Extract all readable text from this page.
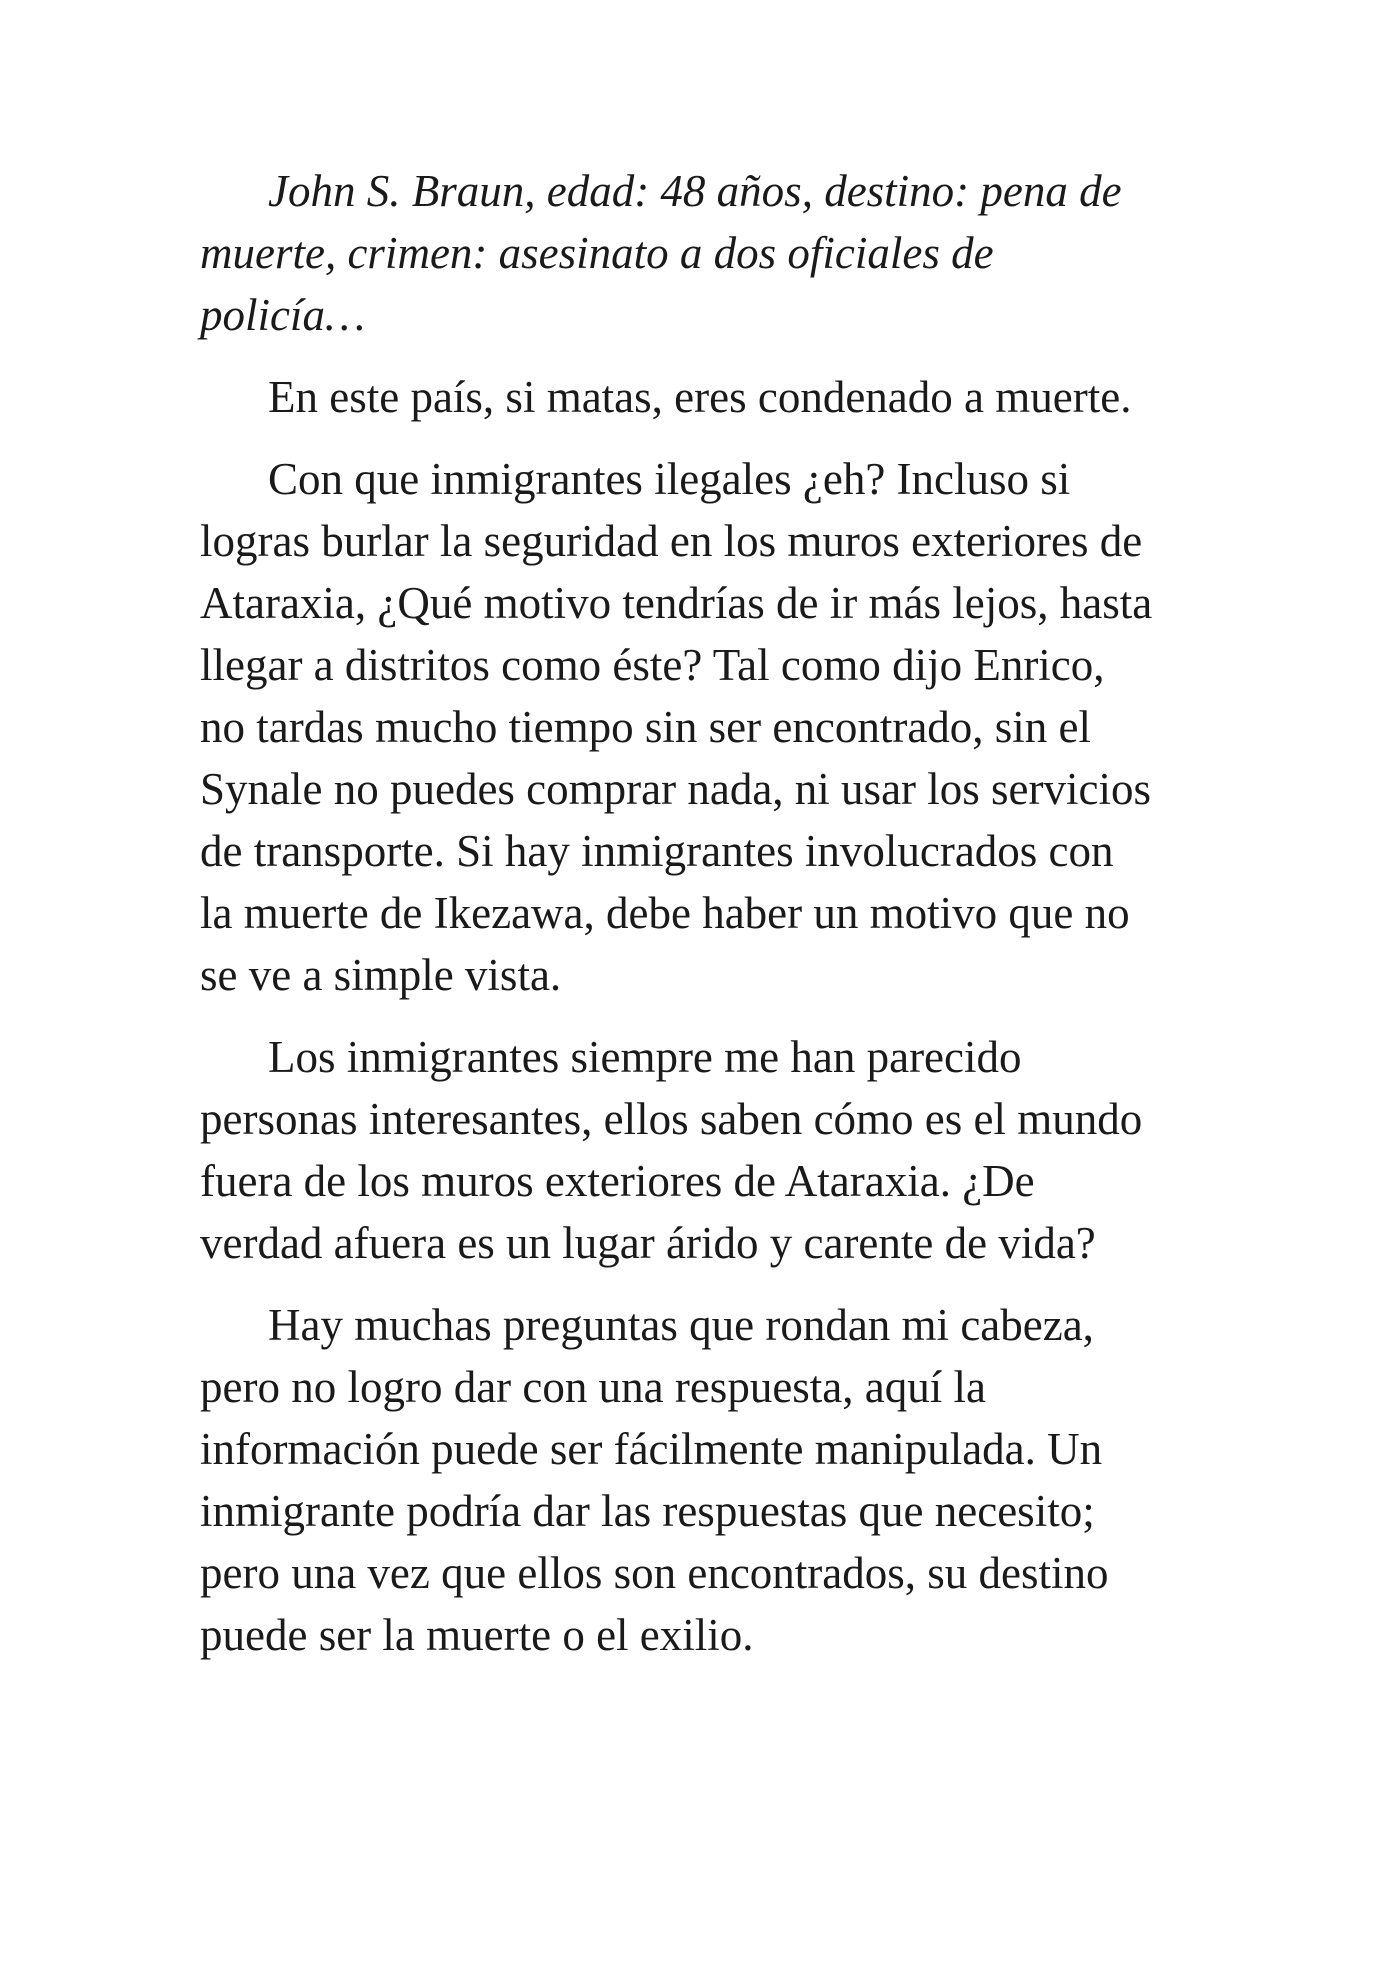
John S. Braun, edad: 48 años, destino: pena de
muerte, crimen: asesinato a dos oficiales de
policía…

En este país, si matas, eres condenado a muerte.

Con que inmigrantes ilegales ¿eh? Incluso si
logras burlar la seguridad en los muros exteriores de
Ataraxia, ¿Qué motivo tendrías de ir más lejos, hasta
llegar a distritos como éste? Tal como dijo Enrico,
no tardas mucho tiempo sin ser encontrado, sin el
Synale no puedes comprar nada, ni usar los servicios
de transporte. Si hay inmigrantes involucrados con
la muerte de Ikezawa, debe haber un motivo que no
se ve a simple vista.

Los inmigrantes siempre me han parecido
personas interesantes, ellos saben cómo es el mundo
fuera de los muros exteriores de Ataraxia. ¿De
verdad afuera es un lugar árido y carente de vida?

Hay muchas preguntas que rondan mi cabeza,
pero no logro dar con una respuesta, aquí la
información puede ser fácilmente manipulada. Un
inmigrante podría dar las respuestas que necesito;
pero una vez que ellos son encontrados, su destino
puede ser la muerte o el exilio.
